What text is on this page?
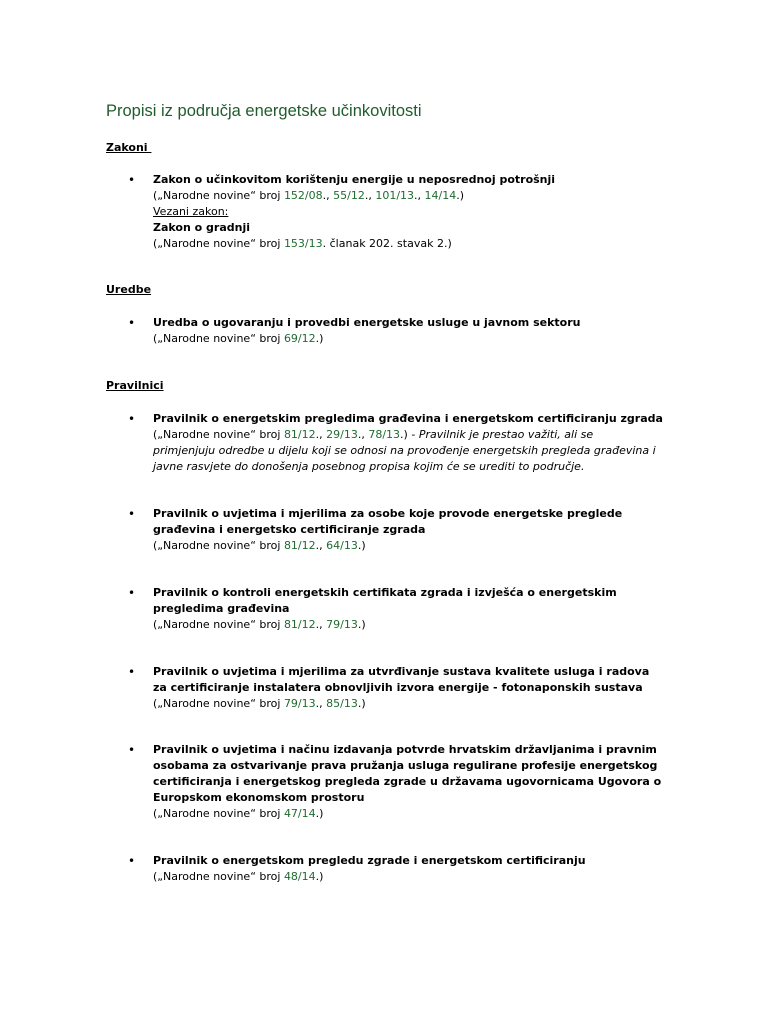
Propisi iz područja energetske učinkovitosti
Zakoni
• Zakon o učinkovitom korištenju energije u neposrednoj potrošnji
(„Narodne novine“ broj 152/08., 55/12., 101/13., 14/14.)
Vezani zakon:
Zakon o gradnji
(„Narodne novine“ broj 153/13. članak 202. stavak 2.)
Uredbe
• Uredba o ugovaranju i provedbi energetske usluge u javnom sektoru
(„Narodne novine“ broj 69/12.)
Pravilnici
• Pravilnik o energetskim pregledima građevina i energetskom certificiranju zgrada
(„Narodne novine“ broj 81/12., 29/13., 78/13.) - Pravilnik je prestao važiti, ali se
primjenjuju odredbe u dijelu koji se odnosi na provođenje energetskih pregleda građevina i
javne rasvjete do donošenja posebnog propisa kojim će se urediti to područje.
• Pravilnik o uvjetima i mjerilima za osobe koje provode energetske preglede
građevina i energetsko certificiranje zgrada
(„Narodne novine“ broj 81/12., 64/13.)
• Pravilnik o kontroli energetskih certifikata zgrada i izvješća o energetskim
pregledima građevina
(„Narodne novine“ broj 81/12., 79/13.)
• Pravilnik o uvjetima i mjerilima za utvrđivanje sustava kvalitete usluga i radova
za certificiranje instalatera obnovljivih izvora energije - fotonaponskih sustava
(„Narodne novine“ broj 79/13., 85/13.)
• Pravilnik o uvjetima i načinu izdavanja potvrde hrvatskim državljanima i pravnim
osobama za ostvarivanje prava pružanja usluga regulirane profesije energetskog
certificiranja i energetskog pregleda zgrade u državama ugovornicama Ugovora o
Europskom ekonomskom prostoru
(„Narodne novine“ broj 47/14.)
• Pravilnik o energetskom pregledu zgrade i energetskom certificiranju
(„Narodne novine“ broj 48/14.)
